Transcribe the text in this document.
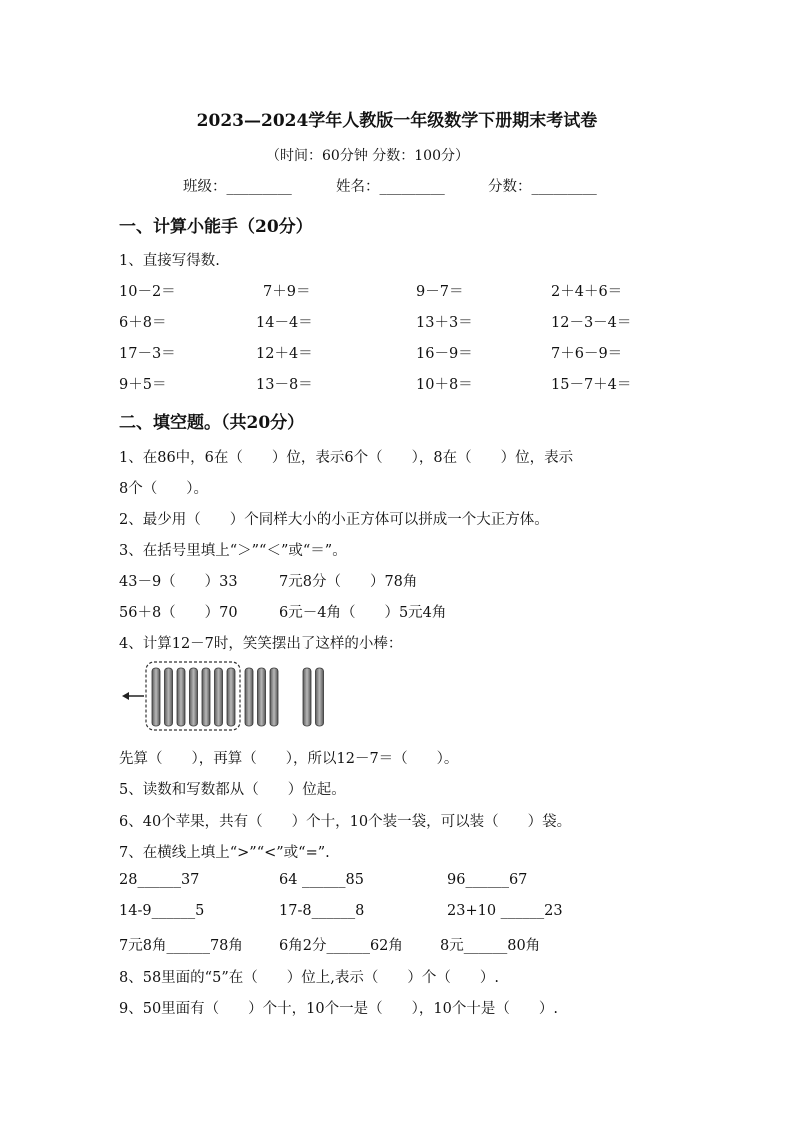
2023—2024学年人教版一年级数学下册期末考试卷
（时间：60分钟 分数：100分）
班级：_________	姓名：_________	分数：_________
一、计算小能手（20分）
1、直接写得数.
10－2＝	7＋9＝	9－7＝	2＋4＋6＝
6＋8＝	14－4＝	13＋3＝	12－3－4＝
17－3＝	12＋4＝	16－9＝	7＋6－9＝
9＋5＝	13－8＝	10＋8＝	15－7＋4＝
二、填空题。（共20分）
1、在86中，6在（　　）位，表示6个（　　），8在（　　）位，表示
8个（　　）。
2、最少用（　　）个同样大小的小正方体可以拼成一个大正方体。
3、在括号里填上“＞”“＜”或“＝”。
43－9（　　）33	7元8分（　　）78角
56＋8（　　）70	6元－4角（　　）5元4角
4、计算12－7时，笑笑摆出了这样的小棒：
先算（　　），再算（　　），所以12－7＝（　　）。
5、读数和写数都从（　　）位起。
6、40个苹果，共有（　　）个十，10个装一袋，可以装（　　）袋。
7、在横线上填上“>”“<”或“=”.
28______37	64 ______85	96______67
14-9______5	17-8______8	23+10 ______23
7元8角______78角 6角2分______62角	8元______80角
8、58里面的“5”在（　　）位上,表示（　　）个（　　）.
9、50里面有（　　）个十，10个一是（　　），10个十是（　　）.
